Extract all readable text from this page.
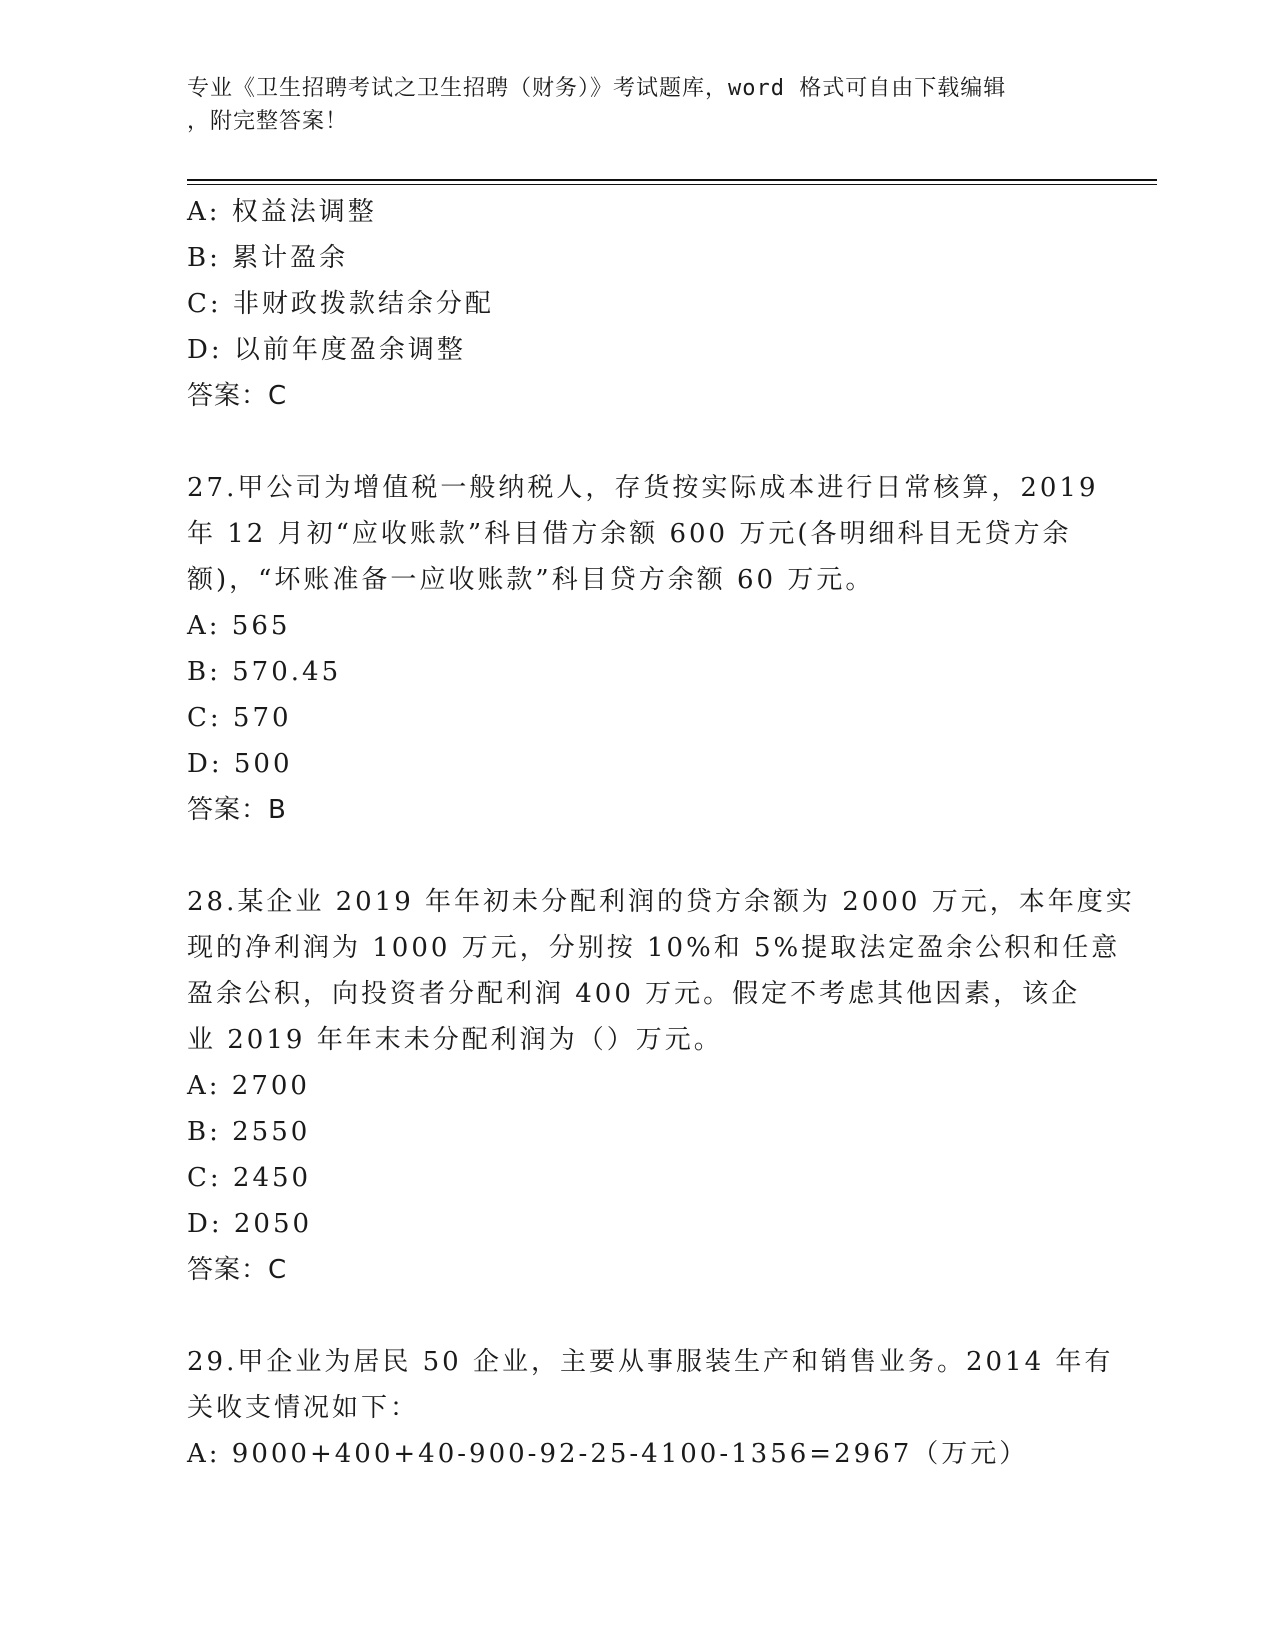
专业《卫生招聘考试之卫生招聘（财务）》考试题库，word 格式可自由下载编辑
，附完整答案！
A: 权益法调整
B: 累计盈余
C: 非财政拨款结余分配
D: 以前年度盈余调整
答案：C
27.甲公司为增值税一般纳税人，存货按实际成本进行日常核算，2019
年 12 月初“应收账款”科目借方余额 600 万元(各明细科目无贷方余
额)，“坏账准备一应收账款”科目贷方余额 60 万元。
A: 565
B: 570.45
C: 570
D: 500
答案：B
28.某企业 2019 年年初未分配利润的贷方余额为 2000 万元，本年度实
现的净利润为 1000 万元，分别按 10%和 5%提取法定盈余公积和任意
盈余公积，向投资者分配利润 400 万元。假定不考虑其他因素，该企
业 2019 年年末未分配利润为（）万元。
A: 2700
B: 2550
C: 2450
D: 2050
答案：C
29.甲企业为居民 50 企业，主要从事服装生产和销售业务。2014 年有
关收支情况如下：
A: 9000+400+40-900-92-25-4100-1356=2967（万元）
